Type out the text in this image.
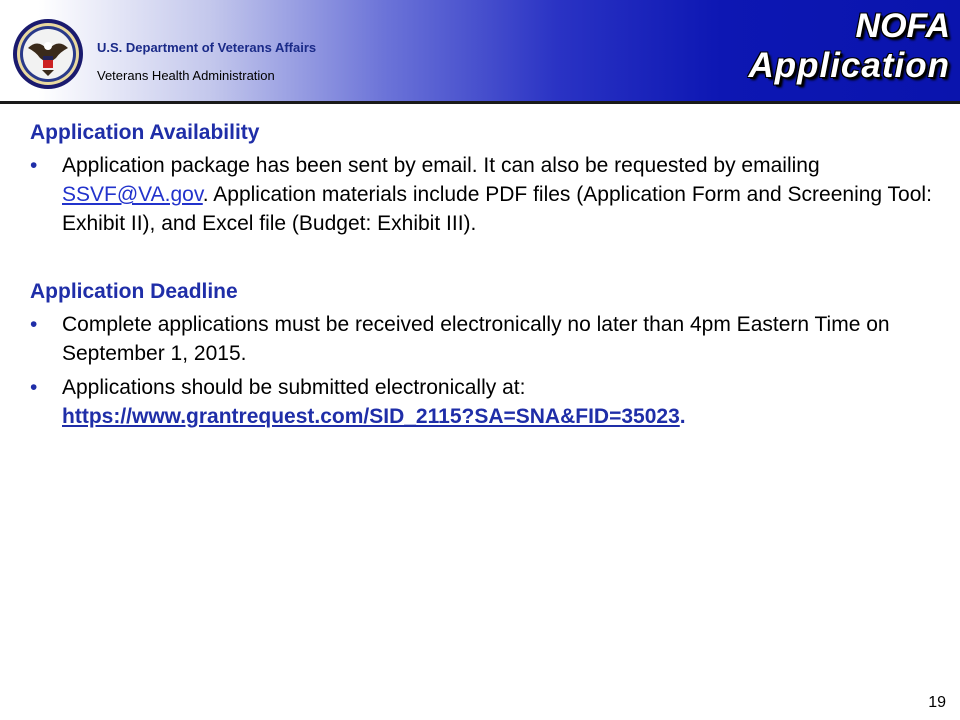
U.S. Department of Veterans Affairs
Veterans Health Administration
NOFA
Application
Application Availability
• Application package has been sent by email. It can also be requested by emailing SSVF@VA.gov. Application materials include PDF files (Application Form and Screening Tool: Exhibit II), and Excel file (Budget: Exhibit III).
Application Deadline
• Complete applications must be received electronically no later than 4pm Eastern Time on September 1, 2015.
• Applications should be submitted electronically at: https://www.grantrequest.com/SID_2115?SA=SNA&FID=35023.
19
